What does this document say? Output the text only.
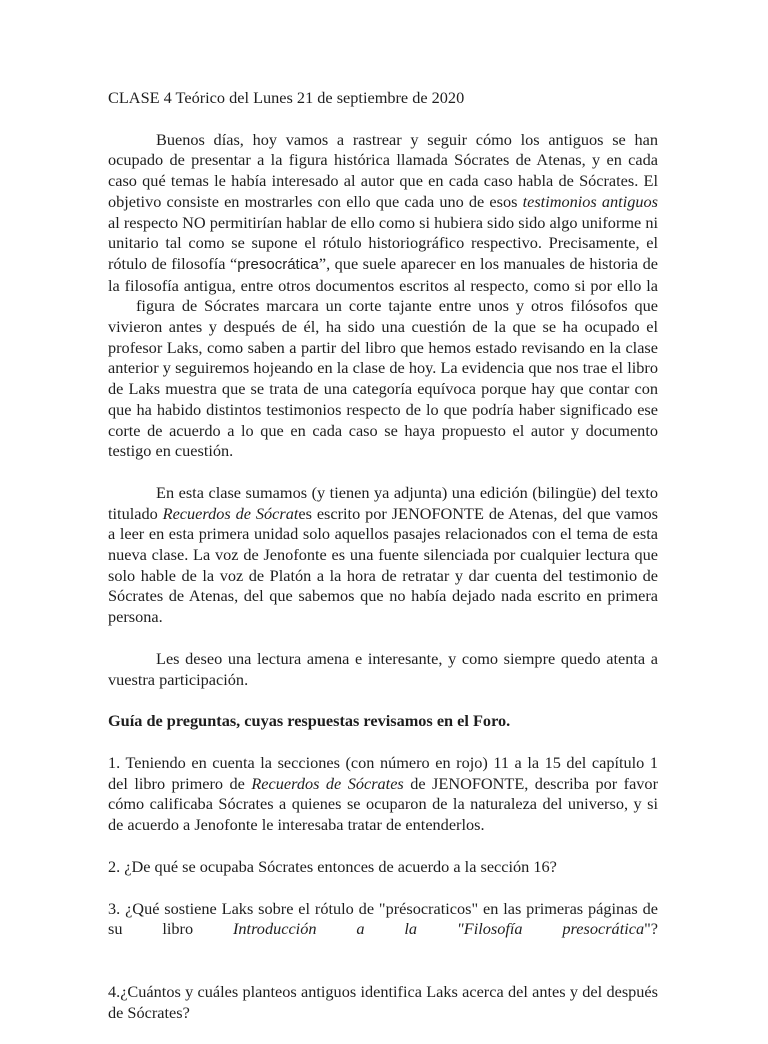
CLASE 4 Teórico del Lunes 21 de septiembre de 2020

Buenos días, hoy vamos a rastrear y seguir cómo los antiguos se han ocupado de presentar a la figura histórica llamada Sócrates de Atenas, y en cada caso qué temas le había interesado al autor que en cada caso habla de Sócrates. El objetivo consiste en mostrarles con ello que cada uno de esos testimonios antiguos al respecto NO permitirían hablar de ello como si hubiera sido sido algo uniforme ni unitario tal como se supone el rótulo historiográfico respectivo. Precisamente, el rótulo de filosofía “presocrática”, que suele aparecer en los manuales de historia de la filosofía antigua, entre otros documentos escritos al respecto, como si por ello lafigura de Sócrates marcara un corte tajante entre unos y otros filósofos que vivieron antes y después de él, ha sido una cuestión de la que se ha ocupado el profesor Laks, como saben a partir del libro que hemos estado revisando en la clase anterior y seguiremos hojeando en la clase de hoy. La evidencia que nos trae el libro de Laks muestra que se trata de una categoría equívoca porque hay que contar con que ha habido distintos testimonios respecto de lo que podría haber significado ese corte de acuerdo a lo que en cada caso se haya propuesto el autor y documento testigo en cuestión.

En esta clase sumamos (y tienen ya adjunta) una edición (bilingüe) del texto titulado Recuerdos de Sócrates escrito por JENOFONTE de Atenas, del que vamos a leer en esta primera unidad solo aquellos pasajes relacionados con el tema de esta nueva clase. La voz de Jenofonte es una fuente silenciada por cualquier lectura que solo hable de la voz de Platón a la hora de retratar y dar cuenta del testimonio de Sócrates de Atenas, del que sabemos que no había dejado nada escrito en primera persona.

Les deseo una lectura amena e interesante, y como siempre quedo atenta a vuestra participación.

Guía de preguntas, cuyas respuestas revisamos en el Foro.

1. Teniendo en cuenta la secciones (con número en rojo) 11 a la 15 del capítulo 1 del libro primero de Recuerdos de Sócrates de JENOFONTE, describa por favor cómo calificaba Sócrates a quienes se ocuparon de la naturaleza del universo, y si de acuerdo a Jenofonte le interesaba tratar de entenderlos.

2. ¿De qué se ocupaba Sócrates entonces de acuerdo a la sección 16?

3. ¿Qué sostiene Laks sobre el rótulo de "présocraticos" en las primeras páginas de su libro Introducción a la "Filosofía presocrática"?

4.¿Cuántos y cuáles planteos antiguos identifica Laks acerca del antes y del después de Sócrates?
